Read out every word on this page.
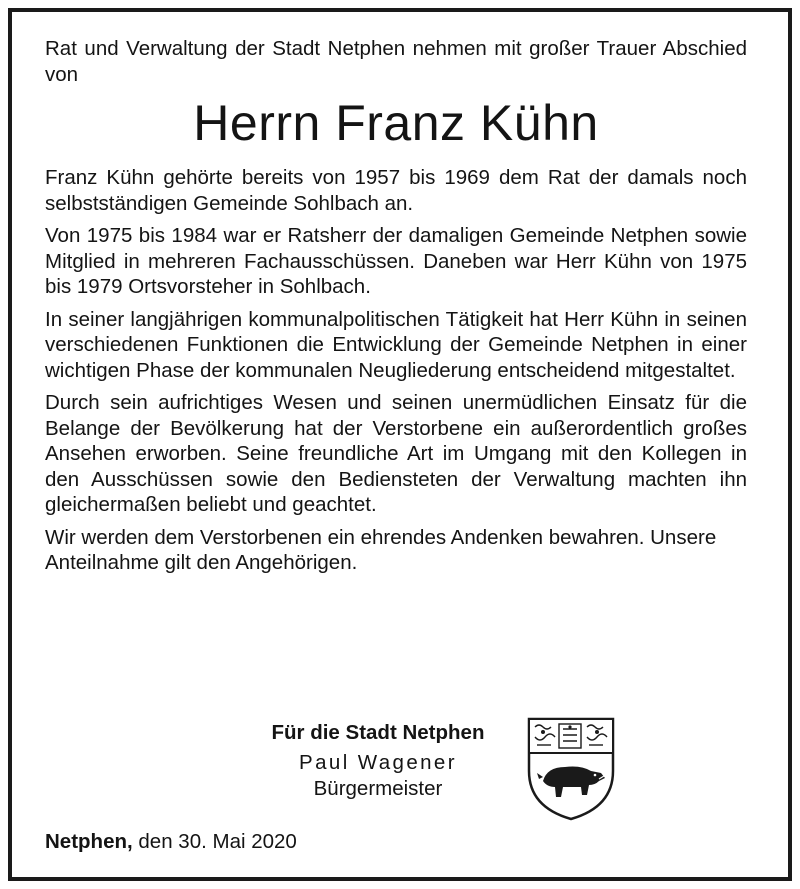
Rat und Verwaltung der Stadt Netphen nehmen mit großer Trauer Abschied von

Herrn Franz Kühn

Franz Kühn gehörte bereits von 1957 bis 1969 dem Rat der damals noch selbstständigen Gemeinde Sohlbach an.

Von 1975 bis 1984 war er Ratsherr der damaligen Gemeinde Netphen sowie Mitglied in mehreren Fachausschüssen. Daneben war Herr Kühn von 1975 bis 1979 Ortsvorsteher in Sohlbach.

In seiner langjährigen kommunalpolitischen Tätigkeit hat Herr Kühn in seinen verschiedenen Funktionen die Entwicklung der Gemeinde Netphen in einer wichtigen Phase der kommunalen Neugliederung entscheidend mitgestaltet.

Durch sein aufrichtiges Wesen und seinen unermüdlichen Einsatz für die Belange der Bevölkerung hat der Verstorbene ein außerordentlich großes Ansehen erworben. Seine freundliche Art im Umgang mit den Kollegen in den Ausschüssen sowie den Bediensteten der Verwaltung machten ihn gleichermaßen beliebt und geachtet.

Wir werden dem Verstorbenen ein ehrendes Andenken bewahren. Unsere Anteilnahme gilt den Angehörigen.

Für die Stadt Netphen
Paul Wagener
Bürgermeister
Netphen, den 30. Mai 2020
